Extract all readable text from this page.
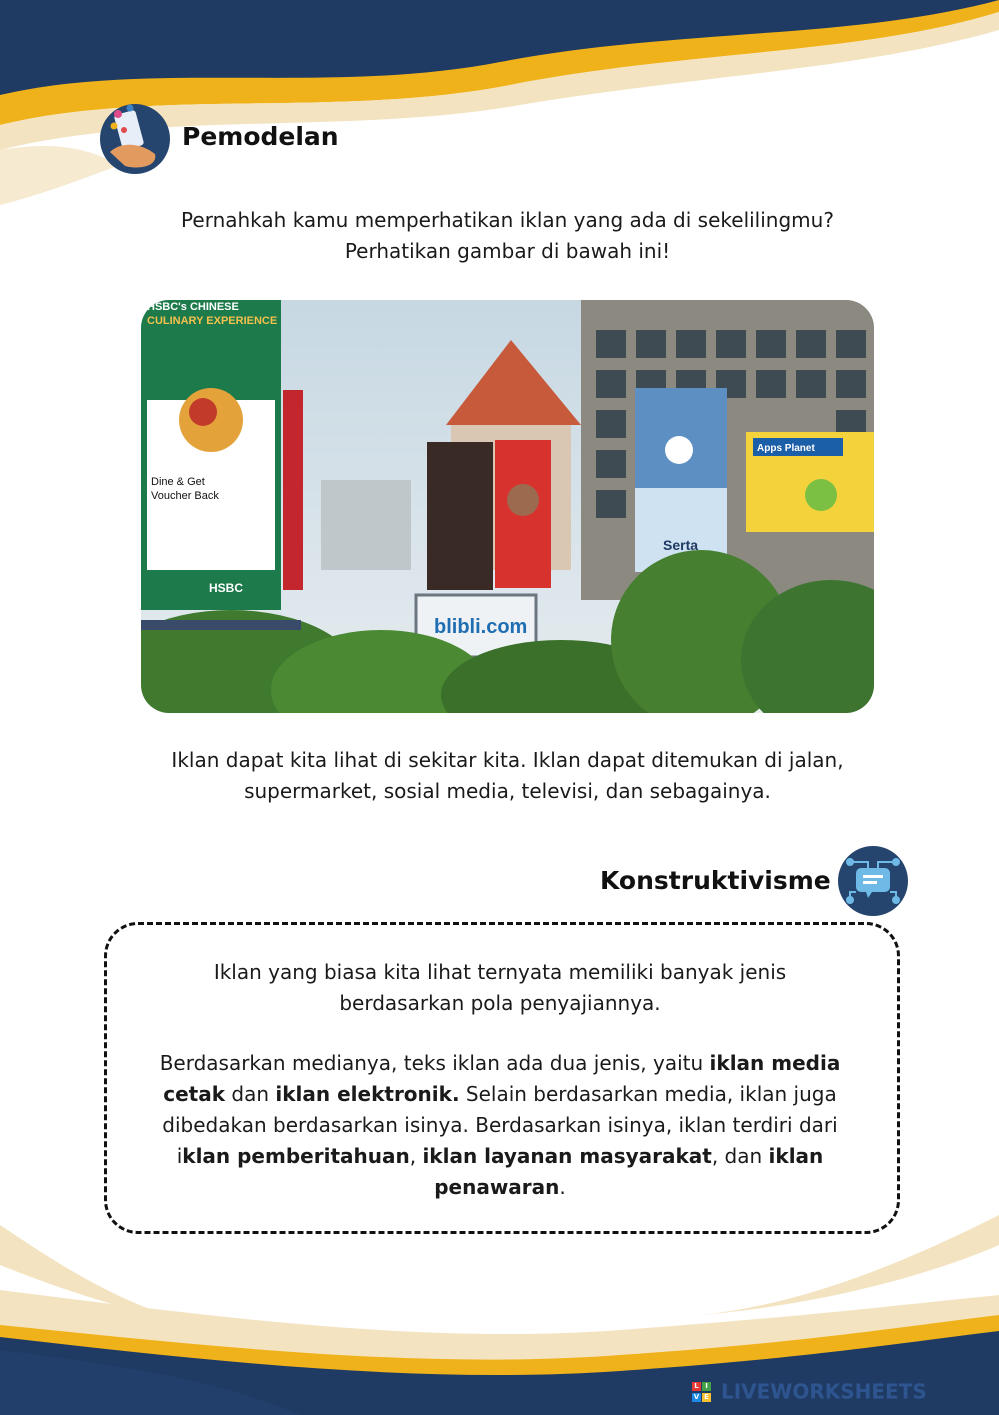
Pemodelan

Pernahkah kamu memperhatikan iklan yang ada di sekelilingmu?
Perhatikan gambar di bawah ini!

HSBC's CHINESE
CULINARY EXPERIENCE
Dine & Get
Voucher Back
HSBC
Serta
Apps Planet
blibli.com

Iklan dapat kita lihat di sekitar kita. Iklan dapat ditemukan di jalan,
supermarket, sosial media, televisi, dan sebagainya.

Konstruktivisme

Iklan yang biasa kita lihat ternyata memiliki banyak jenis
berdasarkan pola penyajiannya.

Berdasarkan medianya, teks iklan ada dua jenis, yaitu iklan media cetak dan iklan elektronik. Selain berdasarkan media, iklan juga dibedakan berdasarkan isinya. Berdasarkan isinya, iklan terdiri dari iklan pemberitahuan, iklan layanan masyarakat, dan iklan penawaran.

L I
V E LIVEWORKSHEETS
